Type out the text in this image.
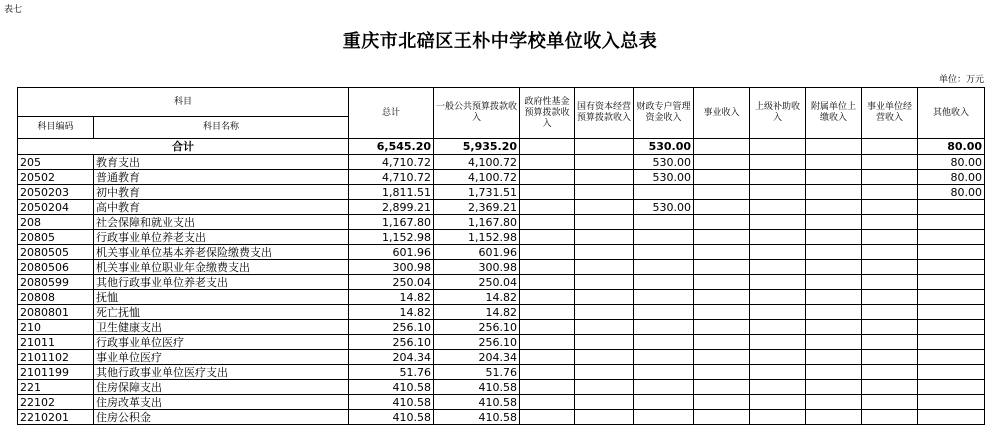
表七
重庆市北碚区王朴中学校单位收入总表
单位：万元
科目		总计	一般公共预算拨款收入	政府性基金预算拨款收入	国有资本经营预算拨款收入	财政专户管理资金收入	事业收入	上级补助收入	附属单位上缴收入	事业单位经营收入	其他收入
科目编码	科目名称										
合计		6,545.20	5,935.20			530.00					80.00
205	教育支出	4,710.72	4,100.72			530.00					80.00
20502	普通教育	4,710.72	4,100.72			530.00					80.00
2050203	初中教育	1,811.51	1,731.51								80.00
2050204	高中教育	2,899.21	2,369.21			530.00					
208	社会保障和就业支出	1,167.80	1,167.80								
20805	行政事业单位养老支出	1,152.98	1,152.98								
2080505	机关事业单位基本养老保险缴费支出	601.96	601.96								
2080506	机关事业单位职业年金缴费支出	300.98	300.98								
2080599	其他行政事业单位养老支出	250.04	250.04								
20808	抚恤	14.82	14.82								
2080801	死亡抚恤	14.82	14.82								
210	卫生健康支出	256.10	256.10								
21011	行政事业单位医疗	256.10	256.10								
2101102	事业单位医疗	204.34	204.34								
2101199	其他行政事业单位医疗支出	51.76	51.76								
221	住房保障支出	410.58	410.58								
22102	住房改革支出	410.58	410.58								
2210201	住房公积金	410.58	410.58								
